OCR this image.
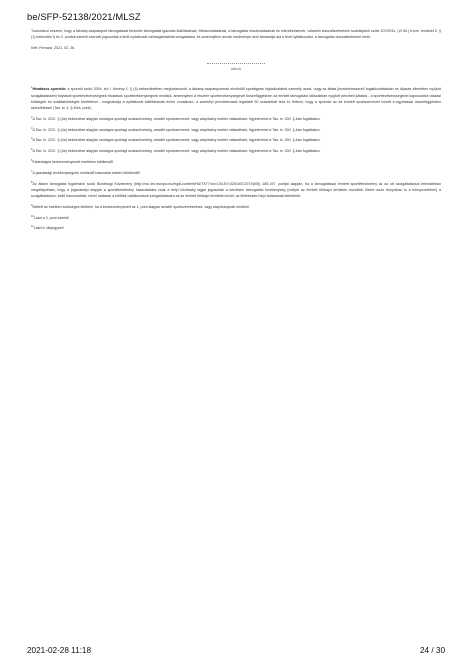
be/SFP-52138/2021/MLSZ

Tudomásul veszem, hogy a látvány-csapatsport támogatását biztosító támogatási igazolás kiállításának, felhasználásának, a támogatás elszámolásának és ellenőrzésének, valamint visszafizetésének szabályairól szóló 107/2011. (VI.30.) Korm. rendelet 2. § (1) bekezdés f) és 2. pontok szerinti szervek jogosultak a fenti nyilatkozat valóságtartalmát vizsgálatára, és amennyiben annak eredménye nem támasztja alá a fenti nyilatkozatot, a támogatás visszafizetésére kerül.

Kelt: Ferrazzi, 2021. 02. 26.

aláírás

$^1$Hivatásos sportoló: a sportról szóló 2004. évi I. törvény 1. § (4) bekezdésében meghatározott, a látvány-csapatsportnak minősülő sportágban foglalkoztatott személy azzal, hogy az általa jövedelemszerző foglalkoztatásban és díjazás ellenében nyújtott szolgáltatásként folytatott sporttevékenységnek hivatásos sporttevékenységnek minősül, amennyiben a részére sporttevékenységével összefüggésben az érintett támogatási időszakban nyújtott pénzbeli juttatás - a sporttevékenységével kapcsolatos utazási költségek és szállásköltségek kivételével - meghaladja a nyilatkozat kiállításának évére vonatkozó, a személyi jövedelemadó legalább 50 százalékát tesz ki, feltéve, hogy a sportoló az az érintett sportszervezet között e-egymással összefüggésben szerződéssel (Tao. tv. 4. § 40/a. pont).

$^2$A Tao. tv. 22/C. § (4a) bekezdése alapján országos sportági szakszövetség, amatőr sportszervezet, vagy alapítvány esetén választható, figyelemmel a Tao. tv. 30/I. §-ban foglaltakra.

$^3$A Tao. tv. 22/C. § (4a) bekezdése alapján országos sportági szakszövetség, amatőr sportszervezet, vagy alapítvány esetén választható, figyelemmel a Tao. tv. 30/I. §-ban foglaltakra.

$^4$A Tao. tv. 22/C. § (4a) bekezdése alapján országos sportági szakszövetség, amatőr sportszervezet, vagy alapítvány esetén választható, figyelemmel a Tao. tv. 30/I. §-ban foglaltakra.

$^5$A Tao. tv. 22/C. § (4a) bekezdése alapján országos sportági szakszövetség, amatőr sportszervezet, vagy alapítvány esetén választható, figyelemmel a Tao. tv. 30/I. §-ban foglaltakra.

$^6$Kizárólagos kedvezményezett esetében kitöltendő!

$^7$A gazdasági tevékenységnek minősülő használat esetén kitöltendő!

$^8$Az állami támogatás fogalmáról szóló Bizottsági Közlemény (http://eur-lex.europa.eu/legal-content/HU/TXT/?uri=CELEX:52016XC0719(05)) 185-197. pontjai alapján, ha a támogatással érintett sportlétesítmény az az ott szolgáltatással telemáteban megállapítható, hogy a jogszabályi alapján a sportlétesítmény használatára csak a helyi közösség tagjai jogosultak a kérdéses támogatási tevékenység (melyet az érintett földrajzi területen közöttük, illetve azon túlnyúlóan is a környezetében) a szolgáltatáshoz, kellő hasznosítást, mivel hatással a külföldi vállalkozások szolgáltatásaira az az érintett földrajzi területen kívüli, az illetékesek helyi tartásának tekinthető.

$^9$Mellett az esetben szükséges kitölteni, ha a kedvezményezett az 1. pont alapján amatőr sportszervezetnek, vagy alapítványnak minősül.

$^{10}$Lásd a 3. pont szerint!

$^{11}$Lásd 6. lábjegyzet!

2021-02-28 11:18	24 / 30
